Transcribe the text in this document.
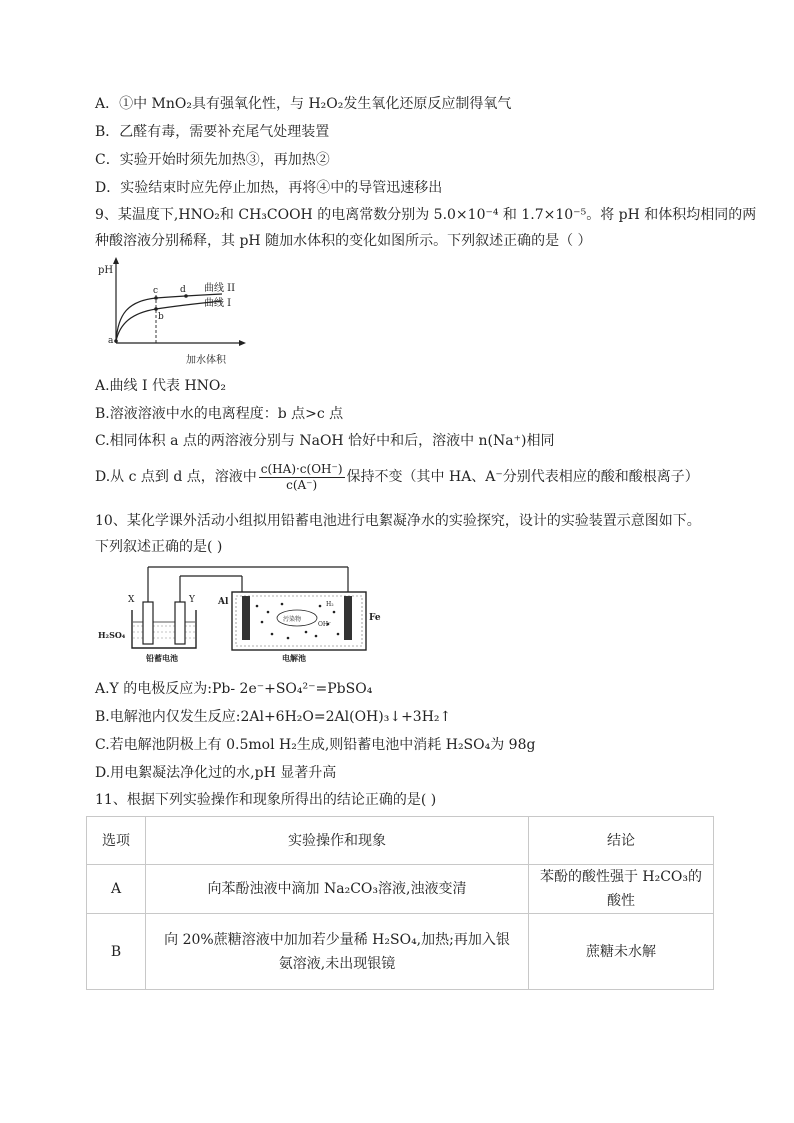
A．①中 MnO₂具有强氧化性，与 H₂O₂发生氧化还原反应制得氧气
B．乙醛有毒，需要补充尾气处理装置
C．实验开始时须先加热③，再加热②
D．实验结束时应先停止加热，再将④中的导管迅速移出
9、某温度下,HNO₂和 CH₃COOH 的电离常数分别为 5.0×10⁻⁴ 和 1.7×10⁻⁵。将 pH 和体积均相同的两
种酸溶液分别稀释，其 pH 随加水体积的变化如图所示。下列叙述正确的是（ ）
pH
加水体积
a
b
c d 曲线 II
曲线 I
A.曲线 I 代表 HNO₂
B.溶液溶液中水的电离程度：b 点>c 点
C.相同体积 a 点的两溶液分别与 NaOH 恰好中和后，溶液中 n(Na⁺)相同
D.从 c 点到 d 点，溶液中 $\frac{c(HA)\cdot c(OH^-)}{c(A^-)}$ 保持不变（其中 HA、A⁻分别代表相应的酸和酸根离子）
10、某化学课外活动小组拟用铅蓄电池进行电絮凝净水的实验探究，设计的实验装置示意图如下。
下列叙述正确的是( )
X	Y
H₂SO₄
铅蓄电池
Al
Fe
电解池
污染物
OH⁻
H₂
A.Y 的电极反应为:Pb- 2e⁻+SO₄²⁻=PbSO₄
B.电解池内仅发生反应:2Al+6H₂O=2Al(OH)₃↓+3H₂↑
C.若电解池阴极上有 0.5mol H₂生成,则铅蓄电池中消耗 H₂SO₄为 98g
D.用电絮凝法净化过的水,pH 显著升高
11、根据下列实验操作和现象所得出的结论正确的是( )
选项	实验操作和现象	结论
A	向苯酚浊液中滴加 Na₂CO₃溶液,浊液变清	苯酚的酸性强于 H₂CO₃的酸性
B	向 20%蔗糖溶液中加加若少量稀 H₂SO₄,加热;再加入银
氨溶液,未出现银镜	蔗糖未水解
